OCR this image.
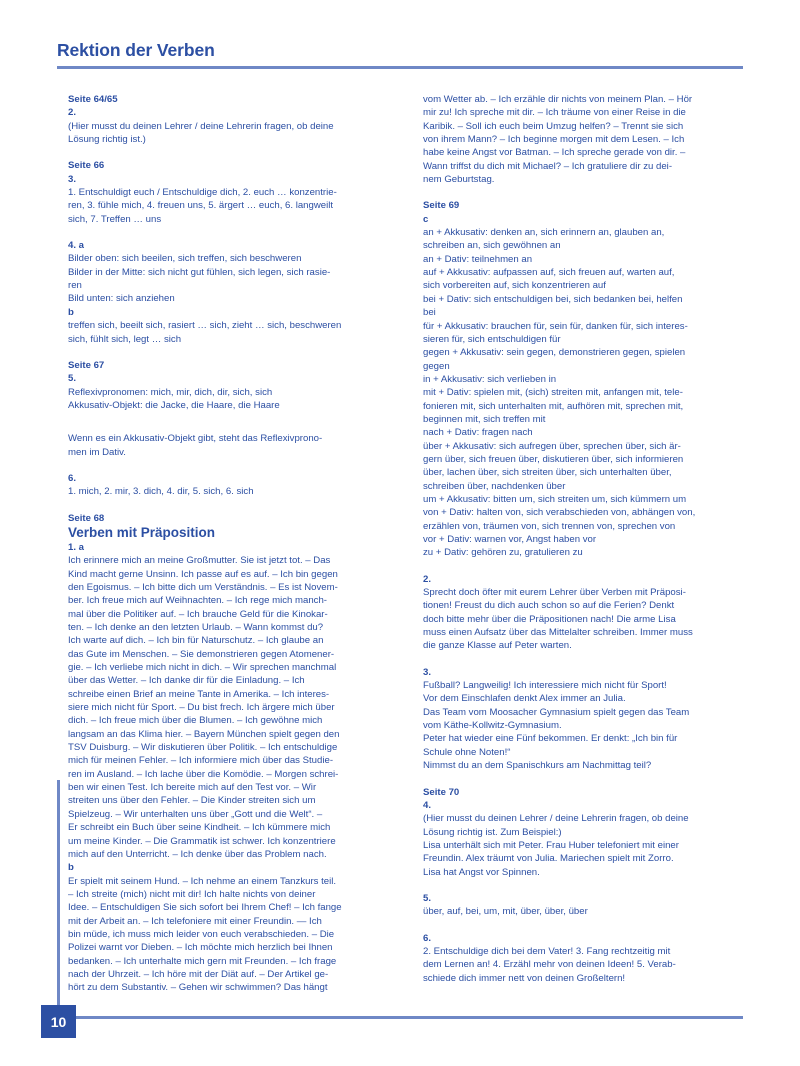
Rektion der Verben
Seite 64/65
2.
(Hier musst du deinen Lehrer / deine Lehrerin fragen, ob deine
Lösung richtig ist.)
Seite 66
3.
1. Entschuldigt euch / Entschuldige dich, 2. euch … konzentrie-
ren, 3. fühle mich, 4. freuen uns, 5. ärgert … euch, 6. langweilt
sich, 7. Treffen … uns
4. a
Bilder oben: sich beeilen, sich treffen, sich beschweren
Bilder in der Mitte: sich nicht gut fühlen, sich legen, sich rasie-
ren
Bild unten: sich anziehen
b
treffen sich, beeilt sich, rasiert … sich, zieht … sich, beschweren
sich, fühlt sich, legt … sich
Seite 67
5.
Reflexivpronomen: mich, mir, dich, dir, sich, sich
Akkusativ-Objekt: die Jacke, die Haare, die Haare
Wenn es ein Akkusativ-Objekt gibt, steht das Reflexivprono-
men im Dativ.
6.
1. mich, 2. mir, 3. dich, 4. dir, 5. sich, 6. sich
Seite 68
Verben mit Präposition
1. a
Ich erinnere mich an meine Großmutter. Sie ist jetzt tot. – Das
Kind macht gerne Unsinn. Ich passe auf es auf. – Ich bin gegen
den Egoismus. – Ich bitte dich um Verständnis. – Es ist Novem-
ber. Ich freue mich auf Weihnachten. – Ich rege mich manch-
mal über die Politiker auf. – Ich brauche Geld für die Kinokar-
ten. – Ich denke an den letzten Urlaub. – Wann kommst du?
Ich warte auf dich. – Ich bin für Naturschutz. – Ich glaube an
das Gute im Menschen. – Sie demonstrieren gegen Atomener-
gie. – Ich verliebe mich nicht in dich. – Wir sprechen manchmal
über das Wetter. – Ich danke dir für die Einladung. – Ich
schreibe einen Brief an meine Tante in Amerika. – Ich interes-
siere mich nicht für Sport. – Du bist frech. Ich ärgere mich über
dich. – Ich freue mich über die Blumen. – Ich gewöhne mich
langsam an das Klima hier. – Bayern München spielt gegen den
TSV Duisburg. – Wir diskutieren über Politik. – Ich entschuldige
mich für meinen Fehler. – Ich informiere mich über das Studie-
ren im Ausland. – Ich lache über die Komödie. – Morgen schrei-
ben wir einen Test. Ich bereite mich auf den Test vor. – Wir
streiten uns über den Fehler. – Die Kinder streiten sich um
Spielzeug. – Wir unterhalten uns über „Gott und die Welt“. –
Er schreibt ein Buch über seine Kindheit. – Ich kümmere mich
um meine Kinder. – Die Grammatik ist schwer. Ich konzentriere
mich auf den Unterricht. – Ich denke über das Problem nach.
b
Er spielt mit seinem Hund. – Ich nehme an einem Tanzkurs teil.
– Ich streite (mich) nicht mit dir! Ich halte nichts von deiner
Idee. – Entschuldigen Sie sich sofort bei Ihrem Chef! – Ich fange
mit der Arbeit an. – Ich telefoniere mit einer Freundin. — Ich
bin müde, ich muss mich leider von euch verabschieden. – Die
Polizei warnt vor Dieben. – Ich möchte mich herzlich bei Ihnen
bedanken. – Ich unterhalte mich gern mit Freunden. – Ich frage
nach der Uhrzeit. – Ich höre mit der Diät auf. – Der Artikel ge-
hört zu dem Substantiv. – Gehen wir schwimmen? Das hängt
vom Wetter ab. – Ich erzähle dir nichts von meinem Plan. – Hör
mir zu! Ich spreche mit dir. – Ich träume von einer Reise in die
Karibik. – Soll ich euch beim Umzug helfen? – Trennt sie sich
von ihrem Mann? – Ich beginne morgen mit dem Lesen. – Ich
habe keine Angst vor Batman. – Ich spreche gerade von dir. –
Wann triffst du dich mit Michael? – Ich gratuliere dir zu dei-
nem Geburtstag.
Seite 69
c
an + Akkusativ: denken an, sich erinnern an, glauben an,
schreiben an, sich gewöhnen an
an + Dativ: teilnehmen an
auf + Akkusativ: aufpassen auf, sich freuen auf, warten auf,
sich vorbereiten auf, sich konzentrieren auf
bei + Dativ: sich entschuldigen bei, sich bedanken bei, helfen
bei
für + Akkusativ: brauchen für, sein für, danken für, sich interes-
sieren für, sich entschuldigen für
gegen + Akkusativ: sein gegen, demonstrieren gegen, spielen
gegen
in + Akkusativ: sich verlieben in
mit + Dativ: spielen mit, (sich) streiten mit, anfangen mit, tele-
fonieren mit, sich unterhalten mit, aufhören mit, sprechen mit,
beginnen mit, sich treffen mit
nach + Dativ: fragen nach
über + Akkusativ: sich aufregen über, sprechen über, sich är-
gern über, sich freuen über, diskutieren über, sich informieren
über, lachen über, sich streiten über, sich unterhalten über,
schreiben über, nachdenken über
um + Akkusativ: bitten um, sich streiten um, sich kümmern um
von + Dativ: halten von, sich verabschieden von, abhängen von,
erzählen von, träumen von, sich trennen von, sprechen von
vor + Dativ: warnen vor, Angst haben vor
zu + Dativ: gehören zu, gratulieren zu
2.
Sprecht doch öfter mit eurem Lehrer über Verben mit Präposi-
tionen! Freust du dich auch schon so auf die Ferien? Denkt
doch bitte mehr über die Präpositionen nach! Die arme Lisa
muss einen Aufsatz über das Mittelalter schreiben. Immer muss
die ganze Klasse auf Peter warten.
3.
Fußball? Langweilig! Ich interessiere mich nicht für Sport!
Vor dem Einschlafen denkt Alex immer an Julia.
Das Team vom Moosacher Gymnasium spielt gegen das Team
vom Käthe-Kollwitz-Gymnasium.
Peter hat wieder eine Fünf bekommen. Er denkt: „Ich bin für
Schule ohne Noten!“
Nimmst du an dem Spanischkurs am Nachmittag teil?
Seite 70
4.
(Hier musst du deinen Lehrer / deine Lehrerin fragen, ob deine
Lösung richtig ist. Zum Beispiel:)
Lisa unterhält sich mit Peter. Frau Huber telefoniert mit einer
Freundin. Alex träumt von Julia. Mariechen spielt mit Zorro.
Lisa hat Angst vor Spinnen.
5.
über, auf, bei, um, mit, über, über, über
6.
2. Entschuldige dich bei dem Vater! 3. Fang rechtzeitig mit
dem Lernen an! 4. Erzähl mehr von deinen Ideen! 5. Verab-
schiede dich immer nett von deinen Großeltern!
10
